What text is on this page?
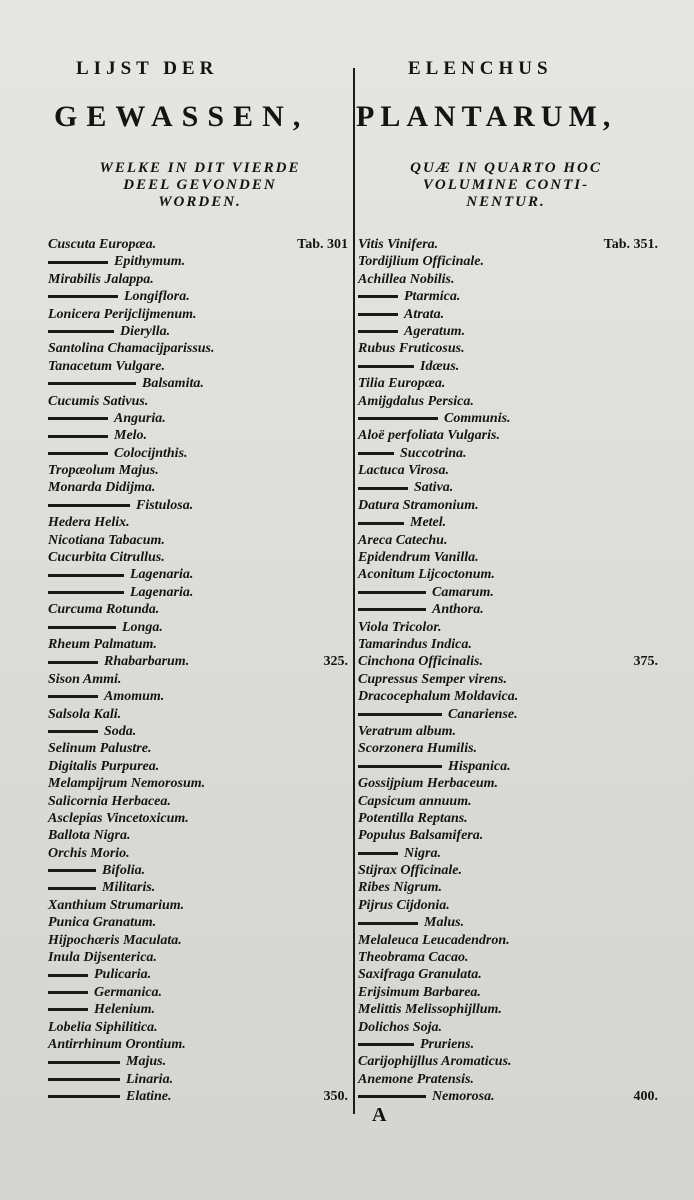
LIJST DER	ELENCHUS
GEWASSEN, PLANTARUM,
WELKE IN DIT VIERDE
DEEL GEVONDEN
WORDEN.
QUÆ IN QUARTO HOC
VOLUMINE CONTI-
NENTUR.
Cuscuta Europæa.	Tab. 301
Epithymum.
Mirabilis Jalappa.
Longiflora.
Lonicera Perijclijmenum.
Dierylla.
Santolina Chamacijparissus.
Tanacetum Vulgare.
Balsamita.
Cucumis Sativus.
Anguria.
Melo.
Colocijnthis.
Tropæolum Majus.
Monarda Didijma.
Fistulosa.
Hedera Helix.
Nicotiana Tabacum.
Cucurbita Citrullus.
Lagenaria.
Lagenaria.
Curcuma Rotunda.
Longa.
Rheum Palmatum.
Rhabarbarum.	325.
Sison Ammi.
Amomum.
Salsola Kali.
Soda.
Selinum Palustre.
Digitalis Purpurea.
Melampijrum Nemorosum.
Salicornia Herbacea.
Asclepias Vincetoxicum.
Ballota Nigra.
Orchis Morio.
Bifolia.
Militaris.
Xanthium Strumarium.
Punica Granatum.
Hijpochæris Maculata.
Inula Dijsenterica.
Pulicaria.
Germanica.
Helenium.
Lobelia Siphilitica.
Antirrhinum Orontium.
Majus.
Linaria.
Elatine.	350.
Vitis Vinifera.	Tab. 351.
Tordijlium Officinale.
Achillea Nobilis.
Ptarmica.
Atrata.
Ageratum.
Rubus Fruticosus.
Idæus.
Tilia Europæa.
Amijgdalus Persica.
Communis.
Aloë perfoliata Vulgaris.
Succotrina.
Lactuca Virosa.
Sativa.
Datura Stramonium.
Metel.
Areca Catechu.
Epidendrum Vanilla.
Aconitum Lijcoctonum.
Camarum.
Anthora.
Viola Tricolor.
Tamarindus Indica.
Cinchona Officinalis.	375.
Cupressus Semper virens.
Dracocephalum Moldavica.
Canariense.
Veratrum album.
Scorzonera Humilis.
Hispanica.
Gossijpium Herbaceum.
Capsicum annuum.
Potentilla Reptans.
Populus Balsamifera.
Nigra.
Stijrax Officinale.
Ribes Nigrum.
Pijrus Cijdonia.
Malus.
Melaleuca Leucadendron.
Theobrama Cacao.
Saxifraga Granulata.
Erijsimum Barbarea.
Melittis Melissophijllum.
Dolichos Soja.
Pruriens.
Carijophijllus Aromaticus.
Anemone Pratensis.
Nemorosa.	400.
A
